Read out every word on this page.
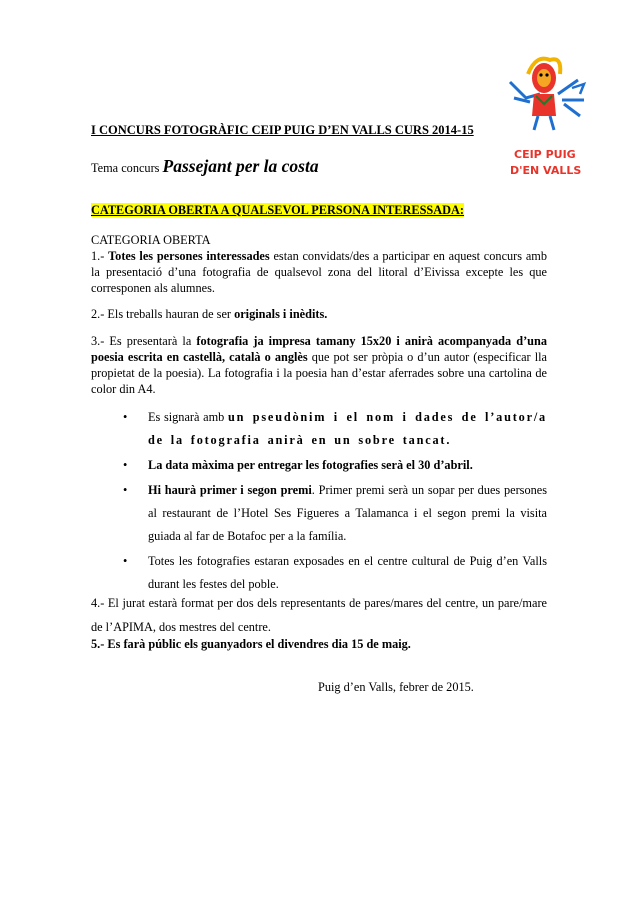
CEIP PUIG
D'EN VALLS
I CONCURS FOTOGRÀFIC CEIP PUIG D’EN VALLS CURS 2014-15
Tema concurs Passejant per la costa
CATEGORIA OBERTA A QUALSEVOL PERSONA INTERESSADA:
CATEGORIA OBERTA
1.- Totes les persones interessades estan convidats/des a participar en aquest concurs amb la presentació d’una fotografia de qualsevol zona del litoral d’Eivissa excepte les que corresponen als alumnes.
2.- Els treballs hauran de ser originals i inèdits.
3.- Es presentarà la fotografia ja impresa tamany 15x20 i anirà acompanyada d’una poesia escrita en castellà, català o anglès que pot ser pròpia o d’un autor (especificar lla propietat de la poesia). La fotografia i la poesia han d’estar aferrades sobre una cartolina de color din A4.
• Es signarà amb un pseudònim i el nom i dades de l’autor/a de la fotografia anirà en un sobre tancat.
• La data màxima per entregar les fotografies serà el 30 d’abril.
• Hi haurà primer i segon premi. Primer premi serà un sopar per dues persones al restaurant de l’Hotel Ses Figueres a Talamanca i el segon premi la visita guiada al far de Botafoc per a la família.
• Totes les fotografies estaran exposades en el centre cultural de Puig d’en Valls durant les festes del poble.
4.- El jurat estarà format per dos dels representants de pares/mares del centre, un pare/mare de l’APIMA, dos mestres del centre.
5.- Es farà públic els guanyadors el divendres dia 15 de maig.
Puig d’en Valls, febrer de 2015.
